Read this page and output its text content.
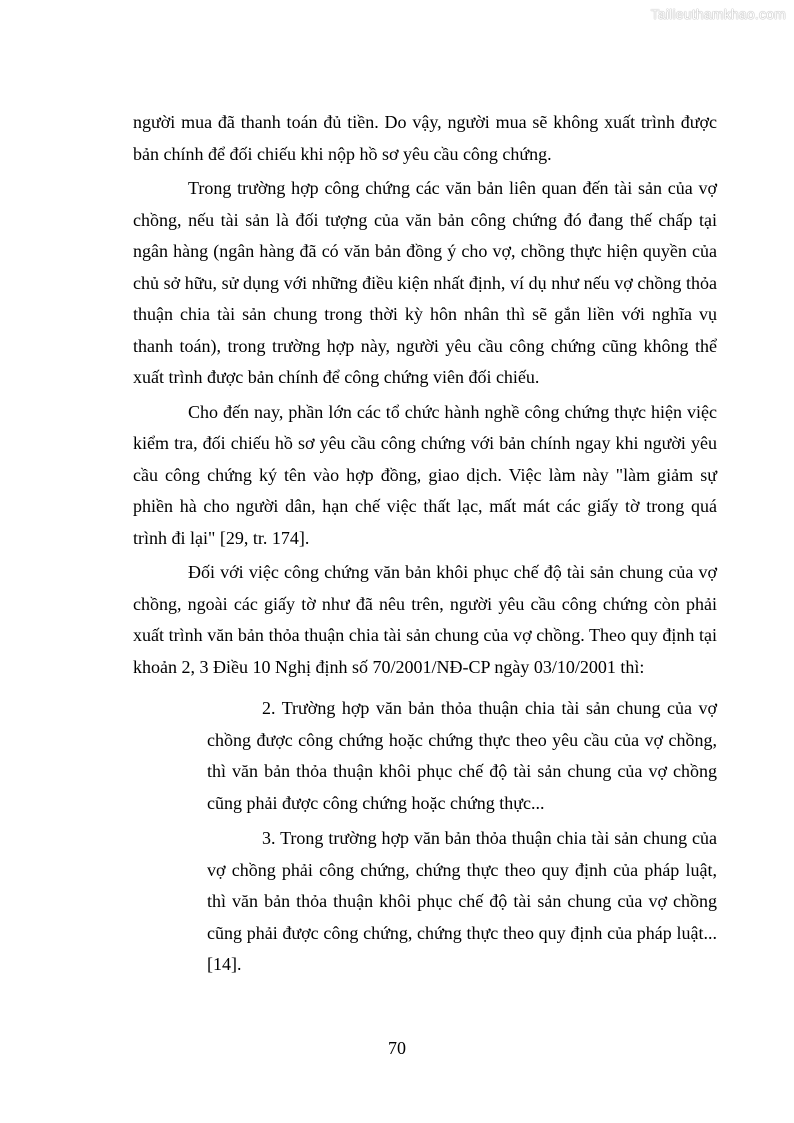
Tailieuthamkhao.com

người mua đã thanh toán đủ tiền. Do vậy, người mua sẽ không xuất trình được bản chính để đối chiếu khi nộp hồ sơ yêu cầu công chứng.

Trong trường hợp công chứng các văn bản liên quan đến tài sản của vợ chồng, nếu tài sản là đối tượng của văn bản công chứng đó đang thế chấp tại ngân hàng (ngân hàng đã có văn bản đồng ý cho vợ, chồng thực hiện quyền của chủ sở hữu, sử dụng với những điều kiện nhất định, ví dụ như nếu vợ chồng thỏa thuận chia tài sản chung trong thời kỳ hôn nhân thì sẽ gắn liền với nghĩa vụ thanh toán), trong trường hợp này, người yêu cầu công chứng cũng không thể xuất trình được bản chính để công chứng viên đối chiếu.

Cho đến nay, phần lớn các tổ chức hành nghề công chứng thực hiện việc kiểm tra, đối chiếu hồ sơ yêu cầu công chứng với bản chính ngay khi người yêu cầu công chứng ký tên vào hợp đồng, giao dịch. Việc làm này "làm giảm sự phiền hà cho người dân, hạn chế việc thất lạc, mất mát các giấy tờ trong quá trình đi lại" [29, tr. 174].

Đối với việc công chứng văn bản khôi phục chế độ tài sản chung của vợ chồng, ngoài các giấy tờ như đã nêu trên, người yêu cầu công chứng còn phải xuất trình văn bản thỏa thuận chia tài sản chung của vợ chồng. Theo quy định tại khoản 2, 3 Điều 10 Nghị định số 70/2001/NĐ-CP ngày 03/10/2001 thì:

2. Trường hợp văn bản thỏa thuận chia tài sản chung của vợ chồng được công chứng hoặc chứng thực theo yêu cầu của vợ chồng, thì văn bản thỏa thuận khôi phục chế độ tài sản chung của vợ chồng cũng phải được công chứng hoặc chứng thực...

3. Trong trường hợp văn bản thỏa thuận chia tài sản chung của vợ chồng phải công chứng, chứng thực theo quy định của pháp luật, thì văn bản thỏa thuận khôi phục chế độ tài sản chung của vợ chồng cũng phải được công chứng, chứng thực theo quy định của pháp luật... [14].

70
